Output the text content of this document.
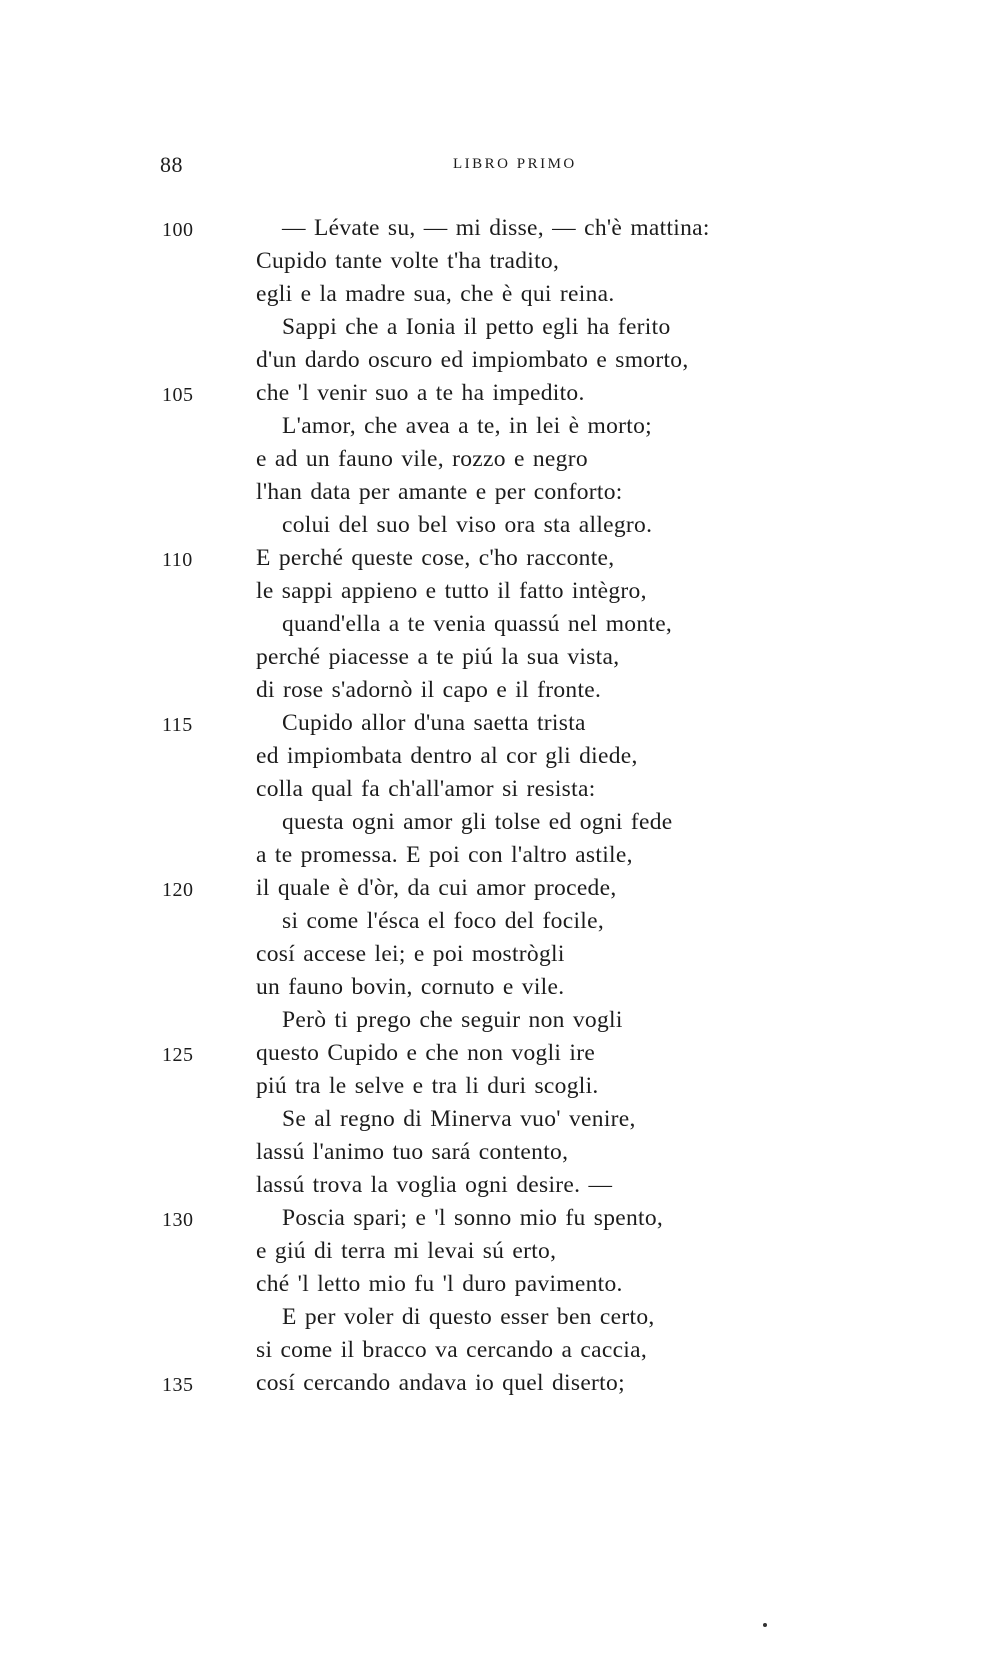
88	LIBRO PRIMO
100	— Lévate su, — mi disse, — ch'è mattina:
Cupido tante volte t'ha tradito,
egli e la madre sua, che è qui reina.
Sappi che a Ionia il petto egli ha ferito
d'un dardo oscuro ed impiombato e smorto,
105	che 'l venir suo a te ha impedito.
L'amor, che avea a te, in lei è morto;
e ad un fauno vile, rozzo e negro
l'han data per amante e per conforto:
colui del suo bel viso ora sta allegro.
110	E perché queste cose, c'ho racconte,
le sappi appieno e tutto il fatto intègro,
quand'ella a te venia quassú nel monte,
perché piacesse a te piú la sua vista,
di rose s'adornò il capo e il fronte.
115	Cupido allor d'una saetta trista
ed impiombata dentro al cor gli diede,
colla qual fa ch'all'amor si resista:
questa ogni amor gli tolse ed ogni fede
a te promessa. E poi con l'altro astile,
120	il quale è d'òr, da cui amor procede,
si come l'ésca el foco del focile,
cosí accese lei; e poi mostrògli
un fauno bovin, cornuto e vile.
Però ti prego che seguir non vogli
125	questo Cupido e che non vogli ire
piú tra le selve e tra li duri scogli.
Se al regno di Minerva vuo' venire,
lassú l'animo tuo sará contento,
lassú trova la voglia ogni desire. —
130	Poscia spari; e 'l sonno mio fu spento,
e giú di terra mi levai sú erto,
ché 'l letto mio fu 'l duro pavimento.
E per voler di questo esser ben certo,
si come il bracco va cercando a caccia,
135	cosí cercando andava io quel diserto;
